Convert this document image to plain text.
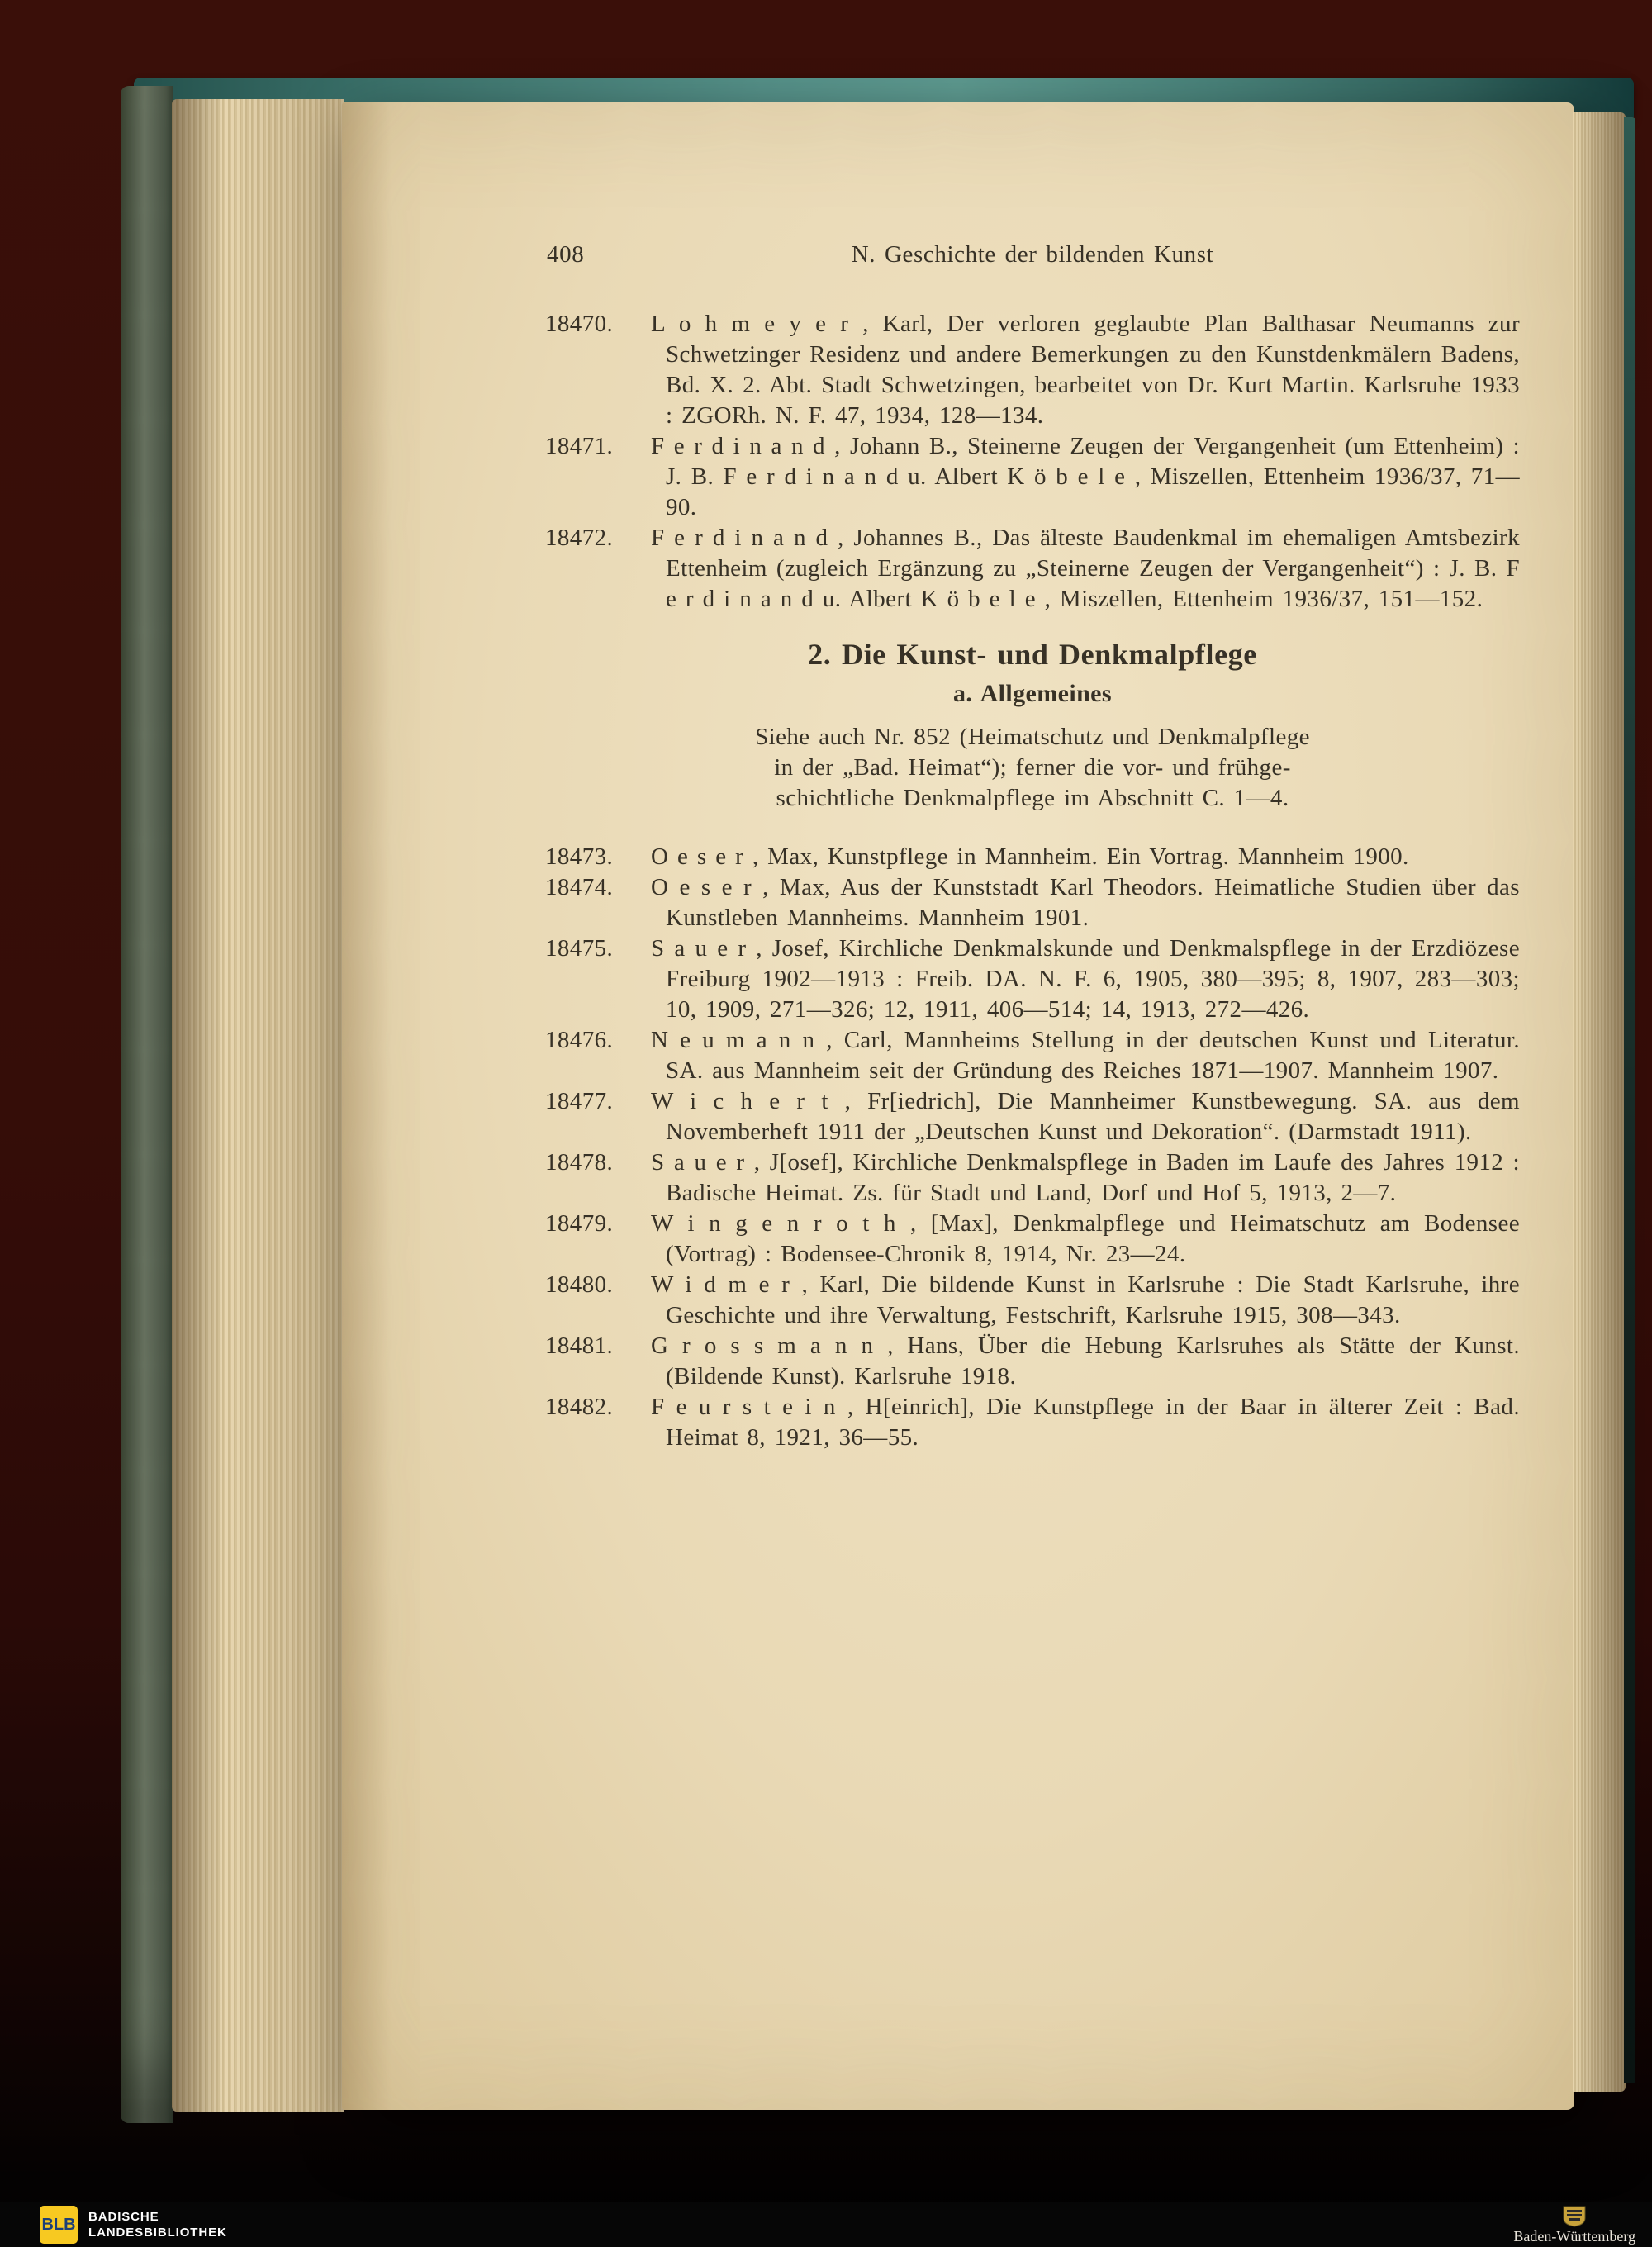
408	N. Geschichte der bildenden Kunst
18470.	L o h m e y e r , Karl, Der verloren geglaubte Plan Balthasar Neumanns zur Schwetzinger Residenz und andere Bemerkungen zu den Kunstdenkmälern Badens, Bd. X. 2. Abt. Stadt Schwetzingen, bearbeitet von Dr. Kurt Martin. Karlsruhe 1933 : ZGORh. N. F. 47, 1934, 128—134.
18471.	F e r d i n a n d , Johann B., Steinerne Zeugen der Vergangenheit (um Ettenheim) : J. B. F e r d i n a n d u. Albert K ö b e l e , Miszellen, Ettenheim 1936/37, 71—90.
18472.	F e r d i n a n d , Johannes B., Das älteste Baudenkmal im ehemaligen Amtsbezirk Ettenheim (zugleich Ergänzung zu „Steinerne Zeugen der Vergangenheit“) : J. B. F e r d i n a n d u. Albert K ö b e l e , Miszellen, Ettenheim 1936/37, 151—152.
2. Die Kunst- und Denkmalpflege
a. Allgemeines
Siehe auch Nr. 852 (Heimatschutz und Denkmalpflege
in der „Bad. Heimat“); ferner die vor- und frühge-
schichtliche Denkmalpflege im Abschnitt C. 1—4.
18473.	O e s e r , Max, Kunstpflege in Mannheim. Ein Vortrag. Mannheim 1900.
18474.	O e s e r , Max, Aus der Kunststadt Karl Theodors. Heimatliche Studien über das Kunstleben Mannheims. Mannheim 1901.
18475.	S a u e r , Josef, Kirchliche Denkmalskunde und Denkmalspflege in der Erzdiözese Freiburg 1902—1913 : Freib. DA. N. F. 6, 1905, 380—395; 8, 1907, 283—303; 10, 1909, 271—326; 12, 1911, 406—514; 14, 1913, 272—426.
18476.	N e u m a n n , Carl, Mannheims Stellung in der deutschen Kunst und Literatur. SA. aus Mannheim seit der Gründung des Reiches 1871—1907. Mannheim 1907.
18477.	W i c h e r t , Fr[iedrich], Die Mannheimer Kunstbewegung. SA. aus dem Novemberheft 1911 der „Deutschen Kunst und Dekoration“. (Darmstadt 1911).
18478.	S a u e r , J[osef], Kirchliche Denkmalspflege in Baden im Laufe des Jahres 1912 : Badische Heimat. Zs. für Stadt und Land, Dorf und Hof 5, 1913, 2—7.
18479.	W i n g e n r o t h , [Max], Denkmalpflege und Heimatschutz am Bodensee (Vortrag) : Bodensee-Chronik 8, 1914, Nr. 23—24.
18480.	W i d m e r , Karl, Die bildende Kunst in Karlsruhe : Die Stadt Karlsruhe, ihre Geschichte und ihre Verwaltung, Festschrift, Karlsruhe 1915, 308—343.
18481.	G r o s s m a n n , Hans, Über die Hebung Karlsruhes als Stätte der Kunst. (Bildende Kunst). Karlsruhe 1918.
18482.	F e u r s t e i n , H[einrich], Die Kunstpflege in der Baar in älterer Zeit : Bad. Heimat 8, 1921, 36—55.
BLB BADISCHE
LANDESBIBLIOTHEK	Baden-Württemberg
